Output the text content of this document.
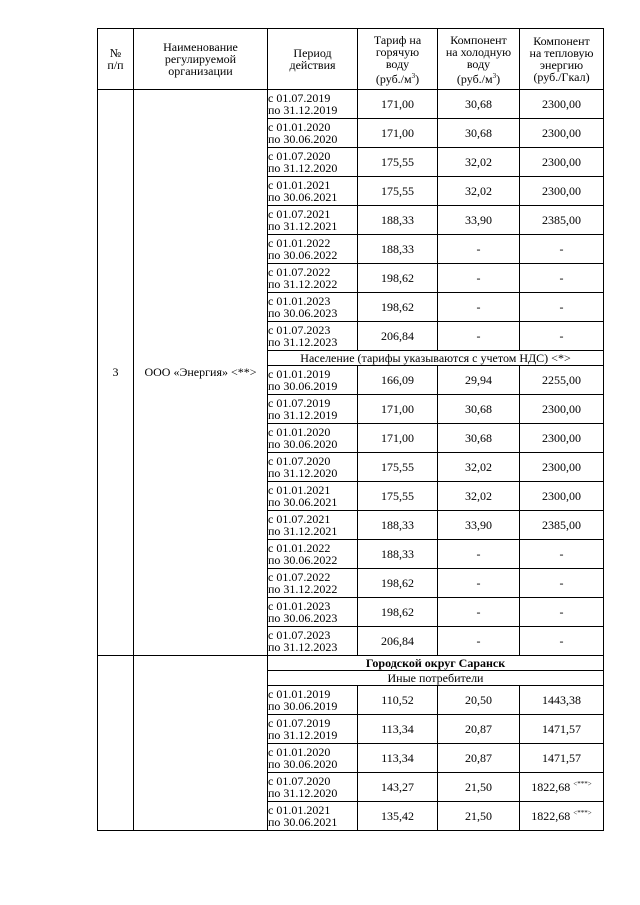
№
п/п	Наименование
регулируемой
организации	Период
действия	Тариф на
горячую
воду
$(руб./м^3)$	Компонент
на холодную
воду
$(руб./м^3)$	Компонент
на тепловую
энергию
(руб./Гкал)

3	ООО «Энергия» <**>	с 01.07.2019
по 31.12.2019	171,00	30,68	2300,00

		с 01.01.2020
по 30.06.2020	171,00	30,68	2300,00

		с 01.07.2020
по 31.12.2020	175,55	32,02	2300,00

		с 01.01.2021
по 30.06.2021	175,55	32,02	2300,00

		с 01.07.2021
по 31.12.2021	188,33	33,90	2385,00

		с 01.01.2022
по 30.06.2022	188,33	-	-

		с 01.07.2022
по 31.12.2022	198,62	-	-

		с 01.01.2023
по 30.06.2023	198,62	-	-

		с 01.07.2023
по 31.12.2023	206,84	-	-
		Население (тарифы указываются с учетом НДС) <*>			

		с 01.01.2019
по 30.06.2019	166,09	29,94	2255,00

		с 01.07.2019
по 31.12.2019	171,00	30,68	2300,00

		с 01.01.2020
по 30.06.2020	171,00	30,68	2300,00

		с 01.07.2020
по 31.12.2020	175,55	32,02	2300,00

		с 01.01.2021
по 30.06.2021	175,55	32,02	2300,00

		с 01.07.2021
по 31.12.2021	188,33	33,90	2385,00

		с 01.01.2022
по 30.06.2022	188,33	-	-

		с 01.07.2022
по 31.12.2022	198,62	-	-

		с 01.01.2023
по 30.06.2023	198,62	-	-

		с 01.07.2023
по 31.12.2023	206,84	-	-
		Городской округ Саранск			
		Иные потребители			

		с 01.01.2019
по 30.06.2019	110,52	20,50	1443,38

		с 01.07.2019
по 31.12.2019	113,34	20,87	1471,57

		с 01.01.2020
по 30.06.2020	113,34	20,87	1471,57

		с 01.07.2020
по 31.12.2020	143,27	21,50	1822,68 <***>

		с 01.01.2021
по 30.06.2021	135,42	21,50	1822,68 <***>
